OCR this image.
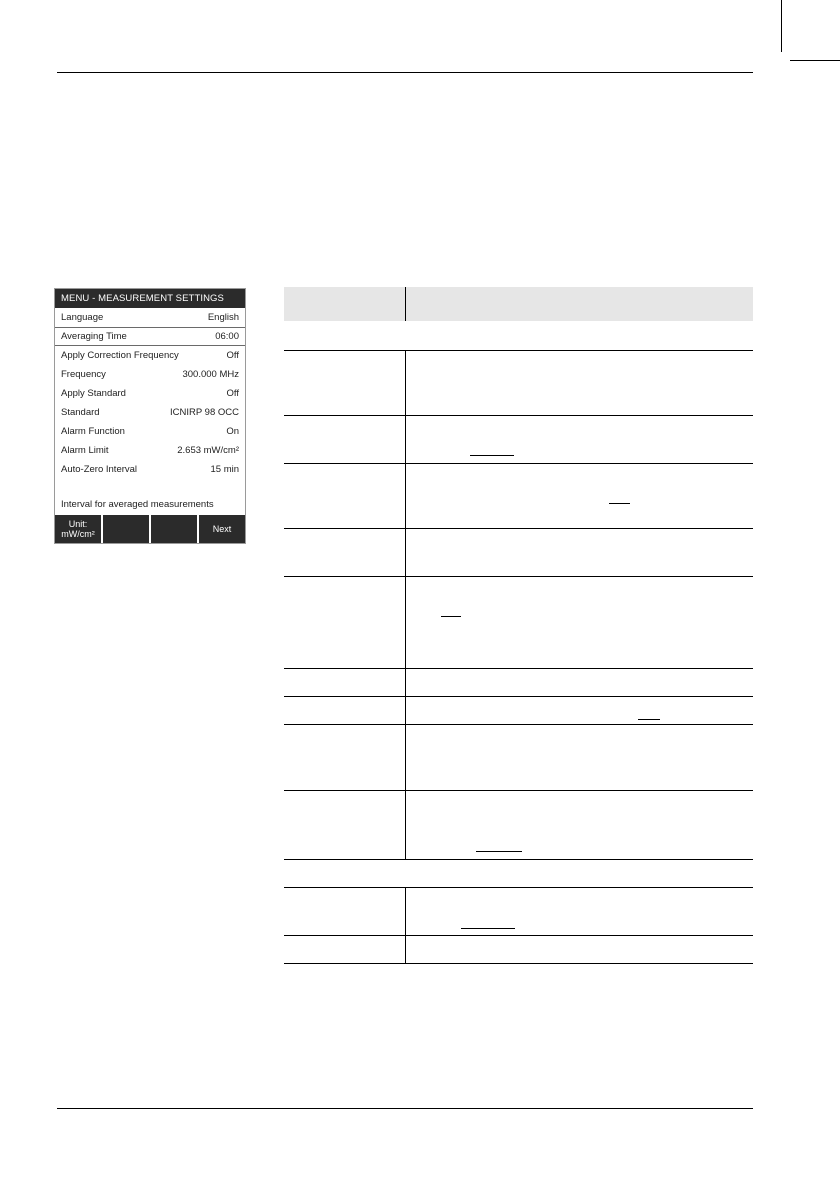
MENU - MEASUREMENT SETTINGS
Language	English
Averaging Time	06:00
Apply Correction Frequency	Off
Frequency	300.000 MHz
Apply Standard	Off
Standard	ICNIRP 98 OCC
Alarm Function	On
Alarm Limit	2.653 mW/cm²
Auto-Zero Interval	15 min
Interval for averaged measurements
Unit:
mW/cm²	Next
